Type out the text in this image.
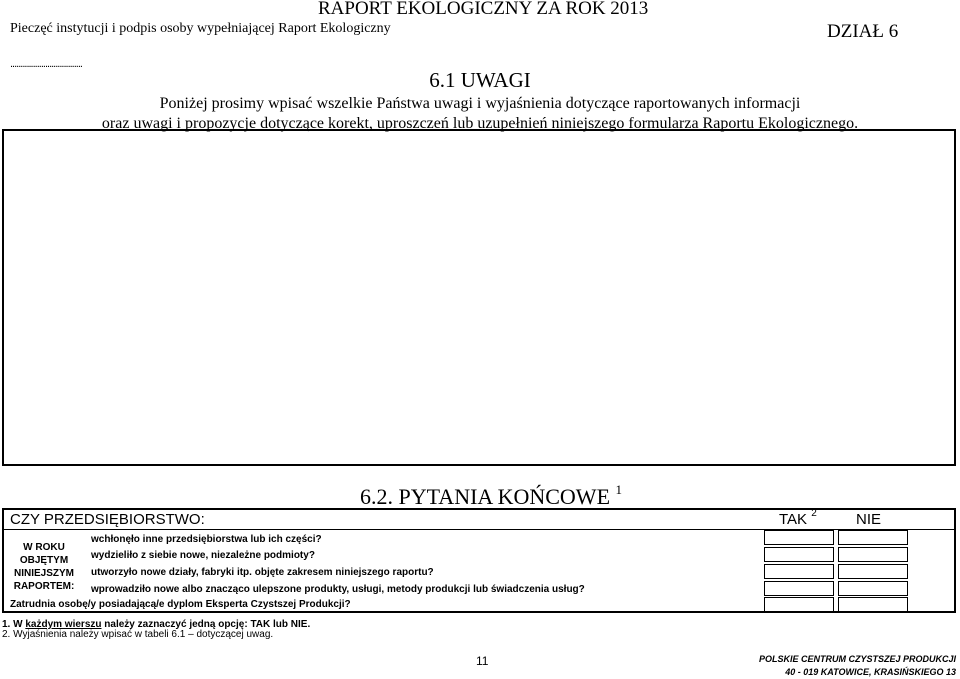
Pieczęć instytucji i podpis osoby wypełniającej Raport Ekologiczny
...................................
RAPORT EKOLOGICZNY ZA ROK 2013
DZIAŁ 6
6.1 UWAGI
Poniżej prosimy wpisać wszelkie Państwa uwagi i wyjaśnienia dotyczące raportowanych informacji
oraz uwagi i propozycje dotyczące korekt, uproszczeń lub uzupełnień niniejszego formularza Raportu Ekologicznego.
6.2. PYTANIA KOŃCOWE $^1$
CZY PRZEDSIĘBIORSTWO:	TAK $^2$	NIE
W ROKU
OBJĘTYM
NINIEJSZYM
RAPORTEM:
wchłonęło inne przedsiębiorstwa lub ich części?
wydzieliło z siebie nowe, niezależne podmioty?
utworzyło nowe działy, fabryki itp. objęte zakresem niniejszego raportu?
wprowadziło nowe albo znacząco ulepszone produkty, usługi, metody produkcji lub świadczenia usług?
Zatrudnia osobę/y posiadającą/e dyplom Eksperta Czystszej Produkcji?
1. W każdym wierszu należy zaznaczyć jedną opcję: TAK lub NIE.
2. Wyjaśnienia należy wpisać w tabeli 6.1 – dotyczącej uwag.
11	POLSKIE CENTRUM CZYSTSZEJ PRODUKCJI
40 - 019 KATOWICE, KRASIŃSKIEGO 13
